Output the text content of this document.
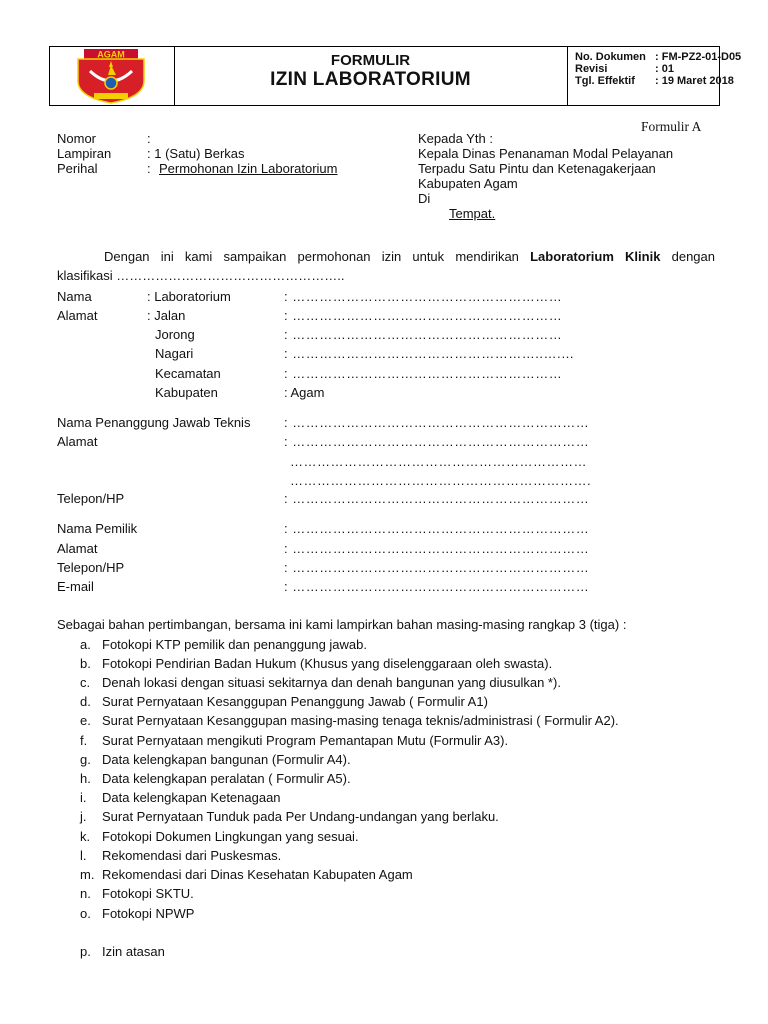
AGAM	FORMULIR
IZIN LABORATORIUM
No. Dokumen : FM-PZ2-01-D05
Revisi	: 01
Tgl. Effektif : 19 Maret 2018
Formulir A
Nomor	:
Lampiran	: 1 (Satu) Berkas
Perihal	: Permohonan Izin Laboratorium
Kepada Yth :
Kepala Dinas Penanaman Modal Pelayanan
Terpadu Satu Pintu dan Ketenagakerjaan
Kabupaten Agam
Di
Tempat.
Dengan ini kami sampaikan permohonan izin untuk mendirikan Laboratorium Klinik dengan
klasifikasi ……………………………………………..
Nama	: Laboratorium	: ……………………………………………………
Alamat	: Jalan	: ……………………………………………………
Jorong	: ……………………………………………………
Nagari	: ………………………………………………..….…
Kecamatan	: ……………………………………………………
Kabupaten	: Agam
Nama Penanggung Jawab Teknis	: …………………………………………………………
Alamat	: …………………………………………………………
…………………………………………………………
………………………………………………………….
Telepon/HP	: …………………………………………………………
Nama Pemilik	: …………………………………………………………
Alamat	: …………………………………………………………
Telepon/HP	: …………………………………………………………
E-mail	: …………………………………………………………
Sebagai bahan pertimbangan, bersama ini kami lampirkan bahan masing-masing rangkap 3 (tiga) :
a. Fotokopi KTP pemilik dan penanggung jawab.
b. Fotokopi Pendirian Badan Hukum (Khusus yang diselenggaraan oleh swasta).
c. Denah lokasi dengan situasi sekitarnya dan denah bangunan yang diusulkan *).
d. Surat Pernyataan Kesanggupan Penanggung Jawab ( Formulir A1)
e. Surat Pernyataan Kesanggupan masing-masing tenaga teknis/administrasi ( Formulir A2).
f. Surat Pernyataan mengikuti Program Pemantapan Mutu (Formulir A3).
g. Data kelengkapan bangunan (Formulir A4).
h. Data kelengkapan peralatan ( Formulir A5).
i. Data kelengkapan Ketenagaan
j. Surat Pernyataan Tunduk pada Per Undang-undangan yang berlaku.
k. Fotokopi Dokumen Lingkungan yang sesuai.
l. Rekomendasi dari Puskesmas.
m. Rekomendasi dari Dinas Kesehatan Kabupaten Agam
n. Fotokopi SKTU.
o. Fotokopi NPWP
p. Izin atasan
